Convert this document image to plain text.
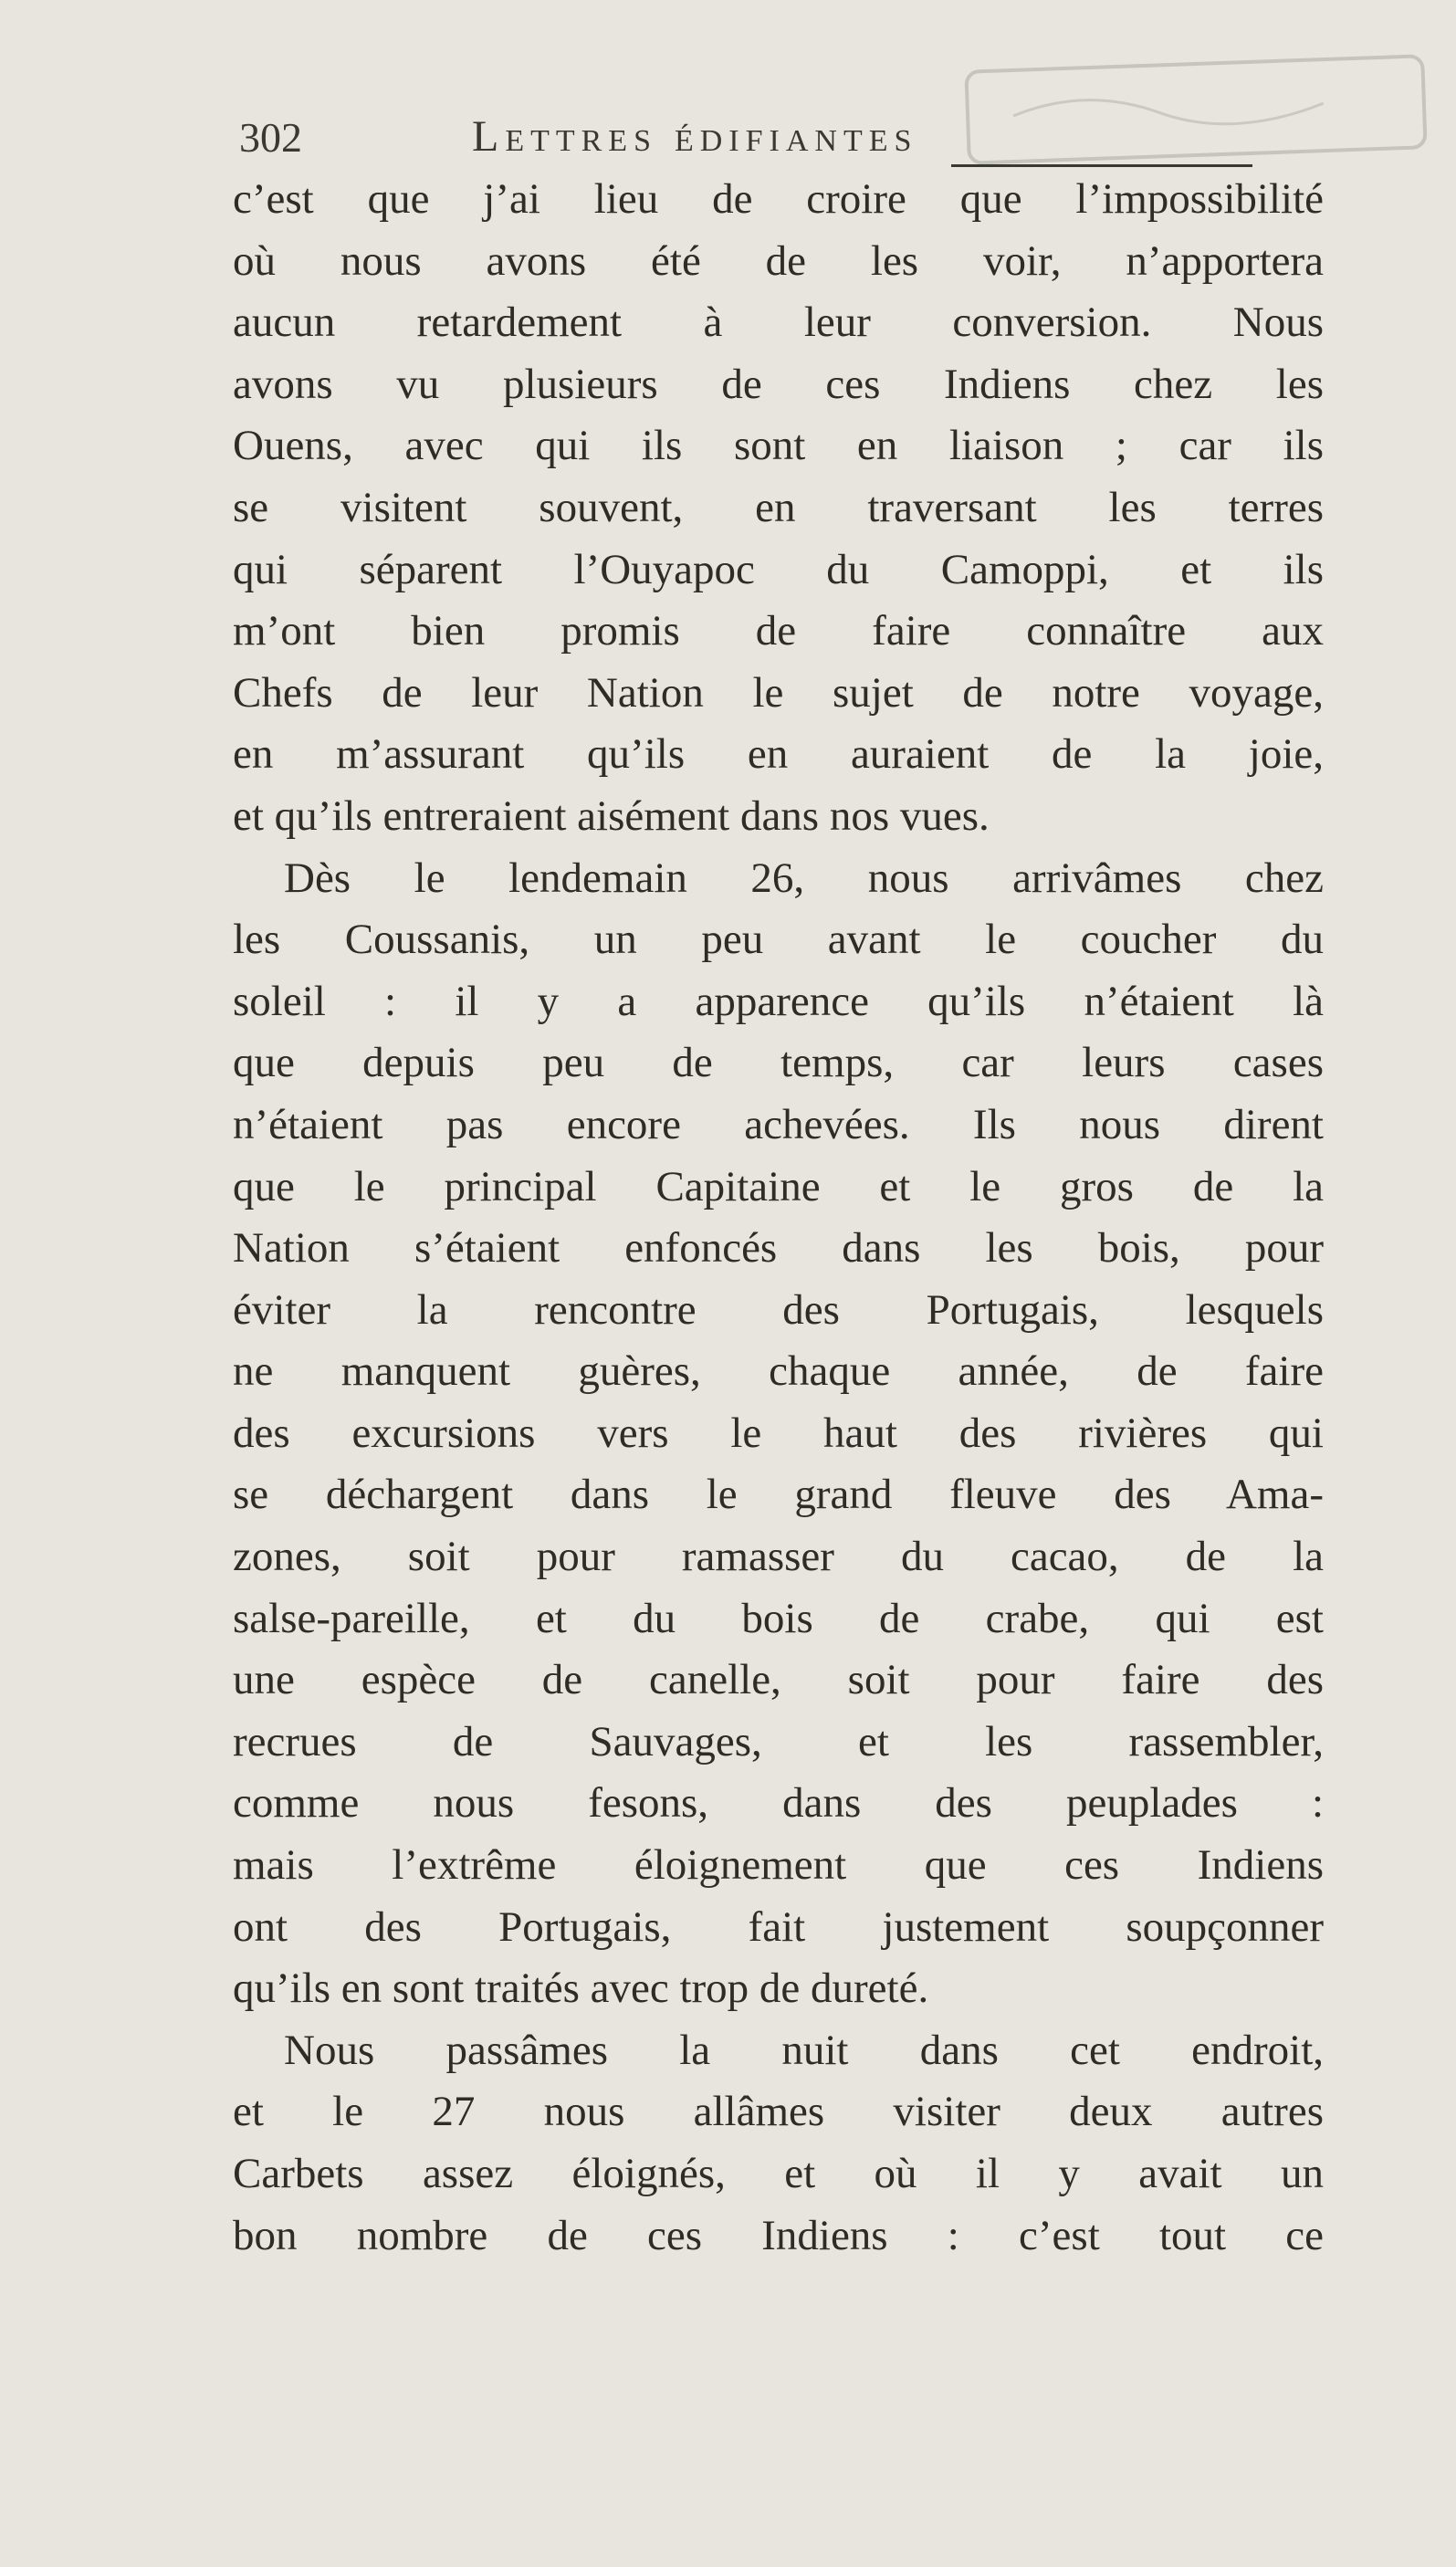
302	Lettres édifiantes
c’est que j’ai lieu de croire que l’impossibilité
où nous avons été de les voir, n’apportera
aucun retardement à leur conversion. Nous
avons vu plusieurs de ces Indiens chez les
Ouens, avec qui ils sont en liaison ; car ils
se visitent souvent, en traversant les terres
qui séparent l’Ouyapoc du Camoppi, et ils
m’ont bien promis de faire connaître aux
Chefs de leur Nation le sujet de notre voyage,
en m’assurant qu’ils en auraient de la joie,
et qu’ils entreraient aisément dans nos vues.
Dès le lendemain 26, nous arrivâmes chez
les Coussanis, un peu avant le coucher du
soleil : il y a apparence qu’ils n’étaient là
que depuis peu de temps, car leurs cases
n’étaient pas encore achevées. Ils nous dirent
que le principal Capitaine et le gros de la
Nation s’étaient enfoncés dans les bois, pour
éviter la rencontre des Portugais, lesquels
ne manquent guères, chaque année, de faire
des excursions vers le haut des rivières qui
se déchargent dans le grand fleuve des Ama-
zones, soit pour ramasser du cacao, de la
salse-pareille, et du bois de crabe, qui est
une espèce de canelle, soit pour faire des
recrues de Sauvages, et les rassembler,
comme nous fesons, dans des peuplades :
mais l’extrême éloignement que ces Indiens
ont des Portugais, fait justement soupçonner
qu’ils en sont traités avec trop de dureté.
Nous passâmes la nuit dans cet endroit,
et le 27 nous allâmes visiter deux autres
Carbets assez éloignés, et où il y avait un
bon nombre de ces Indiens : c’est tout ce
